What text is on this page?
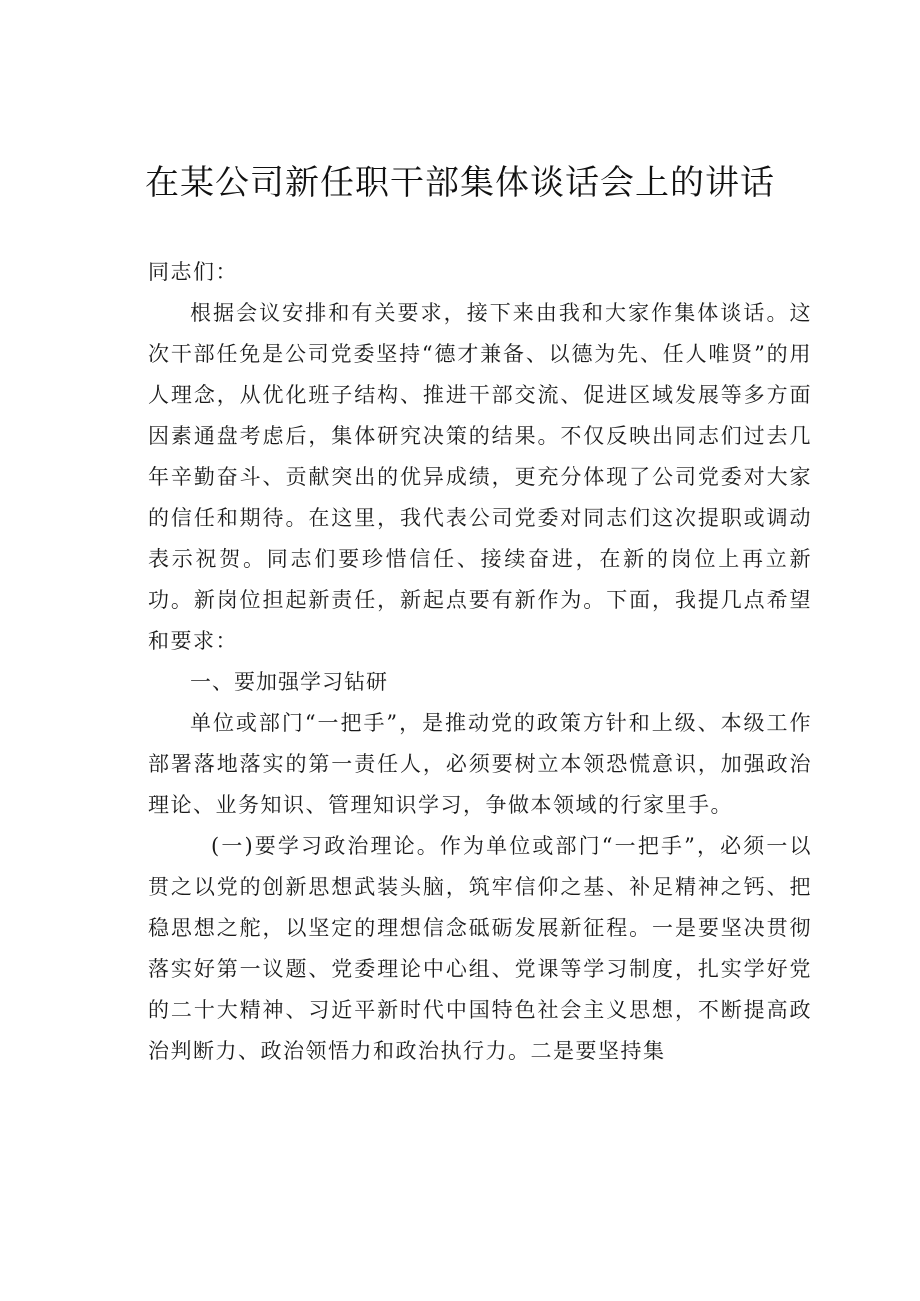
在某公司新任职干部集体谈话会上的讲话

同志们：

根据会议安排和有关要求，接下来由我和大家作集体谈话。这次干部任免是公司党委坚持“德才兼备、以德为先、任人唯贤”的用人理念，从优化班子结构、推进干部交流、促进区域发展等多方面因素通盘考虑后，集体研究决策的结果。不仅反映出同志们过去几年辛勤奋斗、贡献突出的优异成绩，更充分体现了公司党委对大家的信任和期待。在这里，我代表公司党委对同志们这次提职或调动表示祝贺。同志们要珍惜信任、接续奋进，在新的岗位上再立新功。新岗位担起新责任，新起点要有新作为。下面，我提几点希望和要求：

一、要加强学习钻研

单位或部门“一把手”，是推动党的政策方针和上级、本级工作部署落地落实的第一责任人，必须要树立本领恐慌意识，加强政治理论、业务知识、管理知识学习，争做本领域的行家里手。

(一)要学习政治理论。作为单位或部门“一把手”，必须一以贯之以党的创新思想武装头脑，筑牢信仰之基、补足精神之钙、把稳思想之舵，以坚定的理想信念砥砺发展新征程。一是要坚决贯彻落实好第一议题、党委理论中心组、党课等学习制度，扎实学好党的二十大精神、习近平新时代中国特色社会主义思想，不断提高政治判断力、政治领悟力和政治执行力。二是要坚持集
